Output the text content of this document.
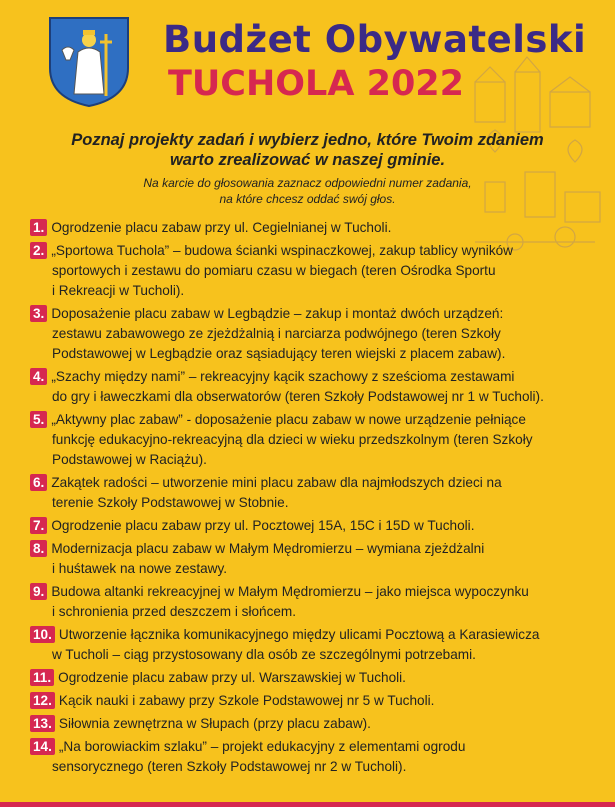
Budżet Obywatelski
TUCHOLA 2022
Poznaj projekty zadań i wybierz jedno, które Twoim zdaniem
warto zrealizować w naszej gminie.
Na karcie do głosowania zaznacz odpowiedni numer zadania,
na które chcesz oddać swój głos.
1. Ogrodzenie placu zabaw przy ul. Cegielnianej w Tucholi.
2. „Sportowa Tuchola” – budowa ścianki wspinaczkowej, zakup tablicy wyników
sportowych i zestawu do pomiaru czasu w biegach (teren Ośrodka Sportu
i Rekreacji w Tucholi).
3. Doposażenie placu zabaw w Legbądzie – zakup i montaż dwóch urządzeń:
zestawu zabawowego ze zjeżdżalnią i narciarza podwójnego (teren Szkoły
Podstawowej w Legbądzie oraz sąsiadujący teren wiejski z placem zabaw).
4. „Szachy między nami” – rekreacyjny kącik szachowy z sześcioma zestawami
do gry i ławeczkami dla obserwatorów (teren Szkoły Podstawowej nr 1 w Tucholi).
5. „Aktywny plac zabaw” - doposażenie placu zabaw w nowe urządzenie pełniące
funkcję edukacyjno-rekreacyjną dla dzieci w wieku przedszkolnym (teren Szkoły
Podstawowej w Raciążu).
6. Zakątek radości – utworzenie mini placu zabaw dla najmłodszych dzieci na
terenie Szkoły Podstawowej w Stobnie.
7. Ogrodzenie placu zabaw przy ul. Pocztowej 15A, 15C i 15D w Tucholi.
8. Modernizacja placu zabaw w Małym Mędromierzu – wymiana zjeżdżalni
i huśtawek na nowe zestawy.
9. Budowa altanki rekreacyjnej w Małym Mędromierzu – jako miejsca wypoczynku
i schronienia przed deszczem i słońcem.
10. Utworzenie łącznika komunikacyjnego między ulicami Pocztową a Karasiewicza
w Tucholi – ciąg przystosowany dla osób ze szczególnymi potrzebami.
11. Ogrodzenie placu zabaw przy ul. Warszawskiej w Tucholi.
12. Kącik nauki i zabawy przy Szkole Podstawowej nr 5 w Tucholi.
13. Siłownia zewnętrzna w Słupach (przy placu zabaw).
14. „Na borowiackim szlaku” – projekt edukacyjny z elementami ogrodu
sensorycznego (teren Szkoły Podstawowej nr 2 w Tucholi).
